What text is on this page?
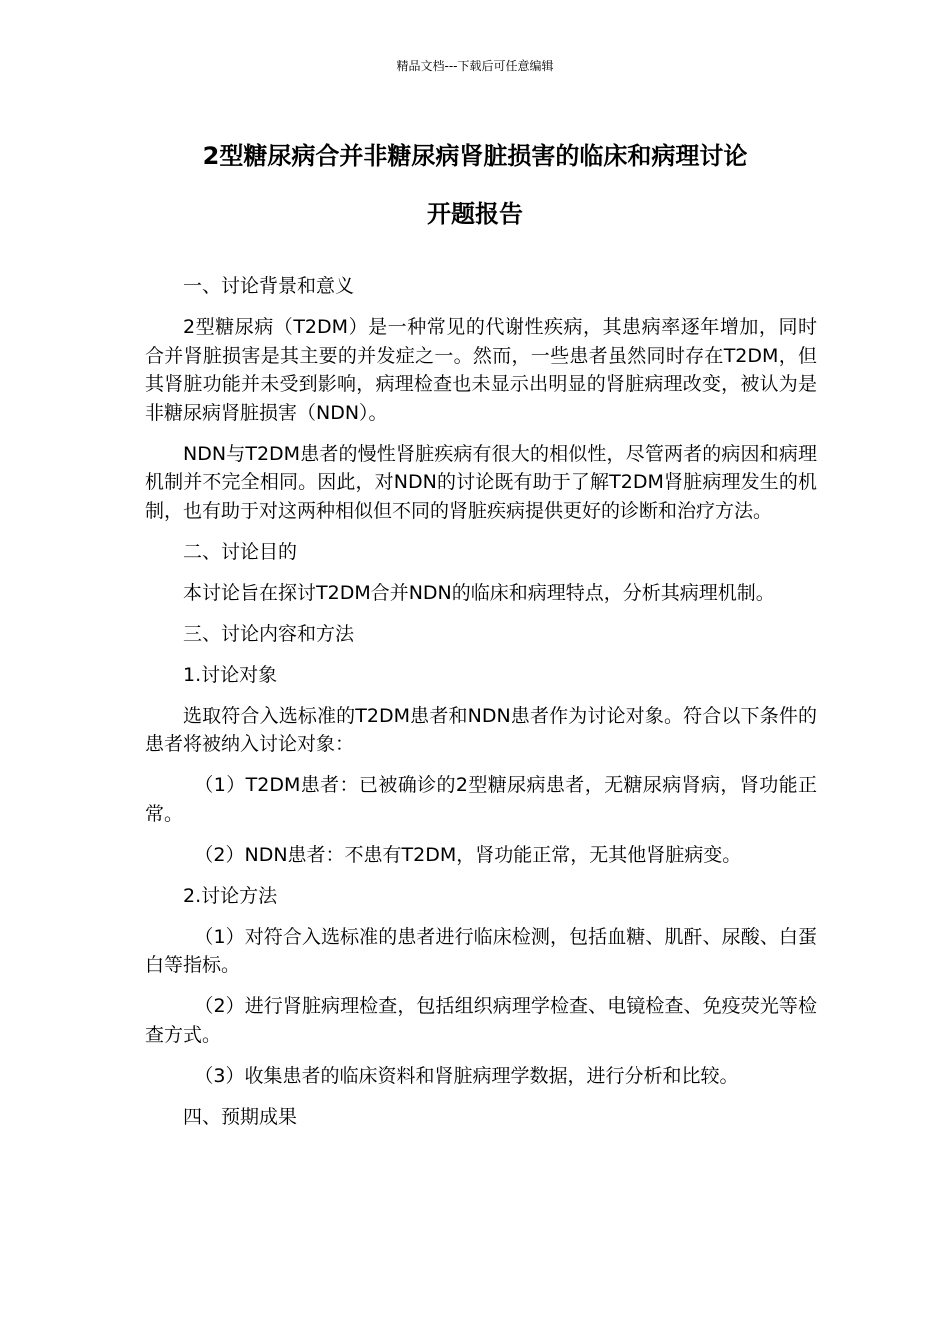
精品文档---下载后可任意编辑
2型糖尿病合并非糖尿病肾脏损害的临床和病理讨论
开题报告

一、讨论背景和意义

2型糖尿病（T2DM）是一种常见的代谢性疾病，其患病率逐年增加，同时合并肾脏损害是其主要的并发症之一。然而，一些患者虽然同时存在T2DM，但其肾脏功能并未受到影响，病理检查也未显示出明显的肾脏病理改变，被认为是非糖尿病肾脏损害（NDN）。

NDN与T2DM患者的慢性肾脏疾病有很大的相似性，尽管两者的病因和病理机制并不完全相同。因此，对NDN的讨论既有助于了解T2DM肾脏病理发生的机制，也有助于对这两种相似但不同的肾脏疾病提供更好的诊断和治疗方法。

二、讨论目的

本讨论旨在探讨T2DM合并NDN的临床和病理特点，分析其病理机制。

三、讨论内容和方法

1.讨论对象

选取符合入选标准的T2DM患者和NDN患者作为讨论对象。符合以下条件的患者将被纳入讨论对象：

（1）T2DM患者：已被确诊的2型糖尿病患者，无糖尿病肾病，肾功能正常。

（2）NDN患者：不患有T2DM，肾功能正常，无其他肾脏病变。

2.讨论方法

（1）对符合入选标准的患者进行临床检测，包括血糖、肌酐、尿酸、白蛋白等指标。

（2）进行肾脏病理检查，包括组织病理学检查、电镜检查、免疫荧光等检查方式。

（3）收集患者的临床资料和肾脏病理学数据，进行分析和比较。

四、预期成果
